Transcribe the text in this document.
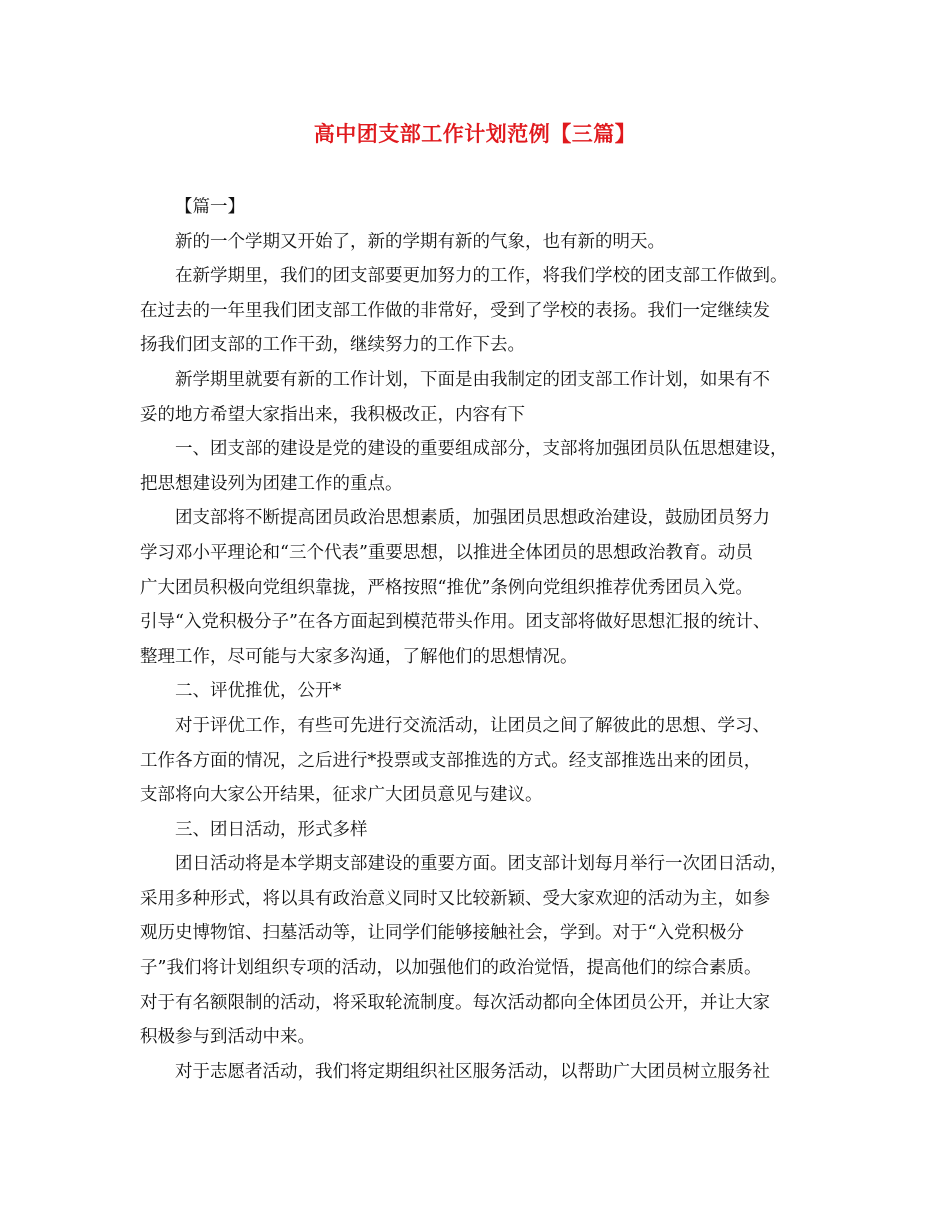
高中团支部工作计划范例【三篇】
【篇一】
新的一个学期又开始了，新的学期有新的气象，也有新的明天。
在新学期里，我们的团支部要更加努力的工作，将我们学校的团支部工作做到。
在过去的一年里我们团支部工作做的非常好，受到了学校的表扬。我们一定继续发
扬我们团支部的工作干劲，继续努力的工作下去。
新学期里就要有新的工作计划，下面是由我制定的团支部工作计划，如果有不
妥的地方希望大家指出来，我积极改正，内容有下
一、团支部的建设是党的建设的重要组成部分，支部将加强团员队伍思想建设，
把思想建设列为团建工作的重点。
团支部将不断提高团员政治思想素质，加强团员思想政治建设，鼓励团员努力
学习邓小平理论和“三个代表”重要思想，以推进全体团员的思想政治教育。动员
广大团员积极向党组织靠拢，严格按照“推优”条例向党组织推荐优秀团员入党。
引导“入党积极分子”在各方面起到模范带头作用。团支部将做好思想汇报的统计、
整理工作，尽可能与大家多沟通，了解他们的思想情况。
二、评优推优，公开*
对于评优工作，有些可先进行交流活动，让团员之间了解彼此的思想、学习、
工作各方面的情况，之后进行*投票或支部推选的方式。经支部推选出来的团员，
支部将向大家公开结果，征求广大团员意见与建议。
三、团日活动，形式多样
团日活动将是本学期支部建设的重要方面。团支部计划每月举行一次团日活动，
采用多种形式，将以具有政治意义同时又比较新颖、受大家欢迎的活动为主，如参
观历史博物馆、扫墓活动等，让同学们能够接触社会，学到。对于“入党积极分
子”我们将计划组织专项的活动，以加强他们的政治觉悟，提高他们的综合素质。
对于有名额限制的活动，将采取轮流制度。每次活动都向全体团员公开，并让大家
积极参与到活动中来。
对于志愿者活动，我们将定期组织社区服务活动，以帮助广大团员树立服务社
